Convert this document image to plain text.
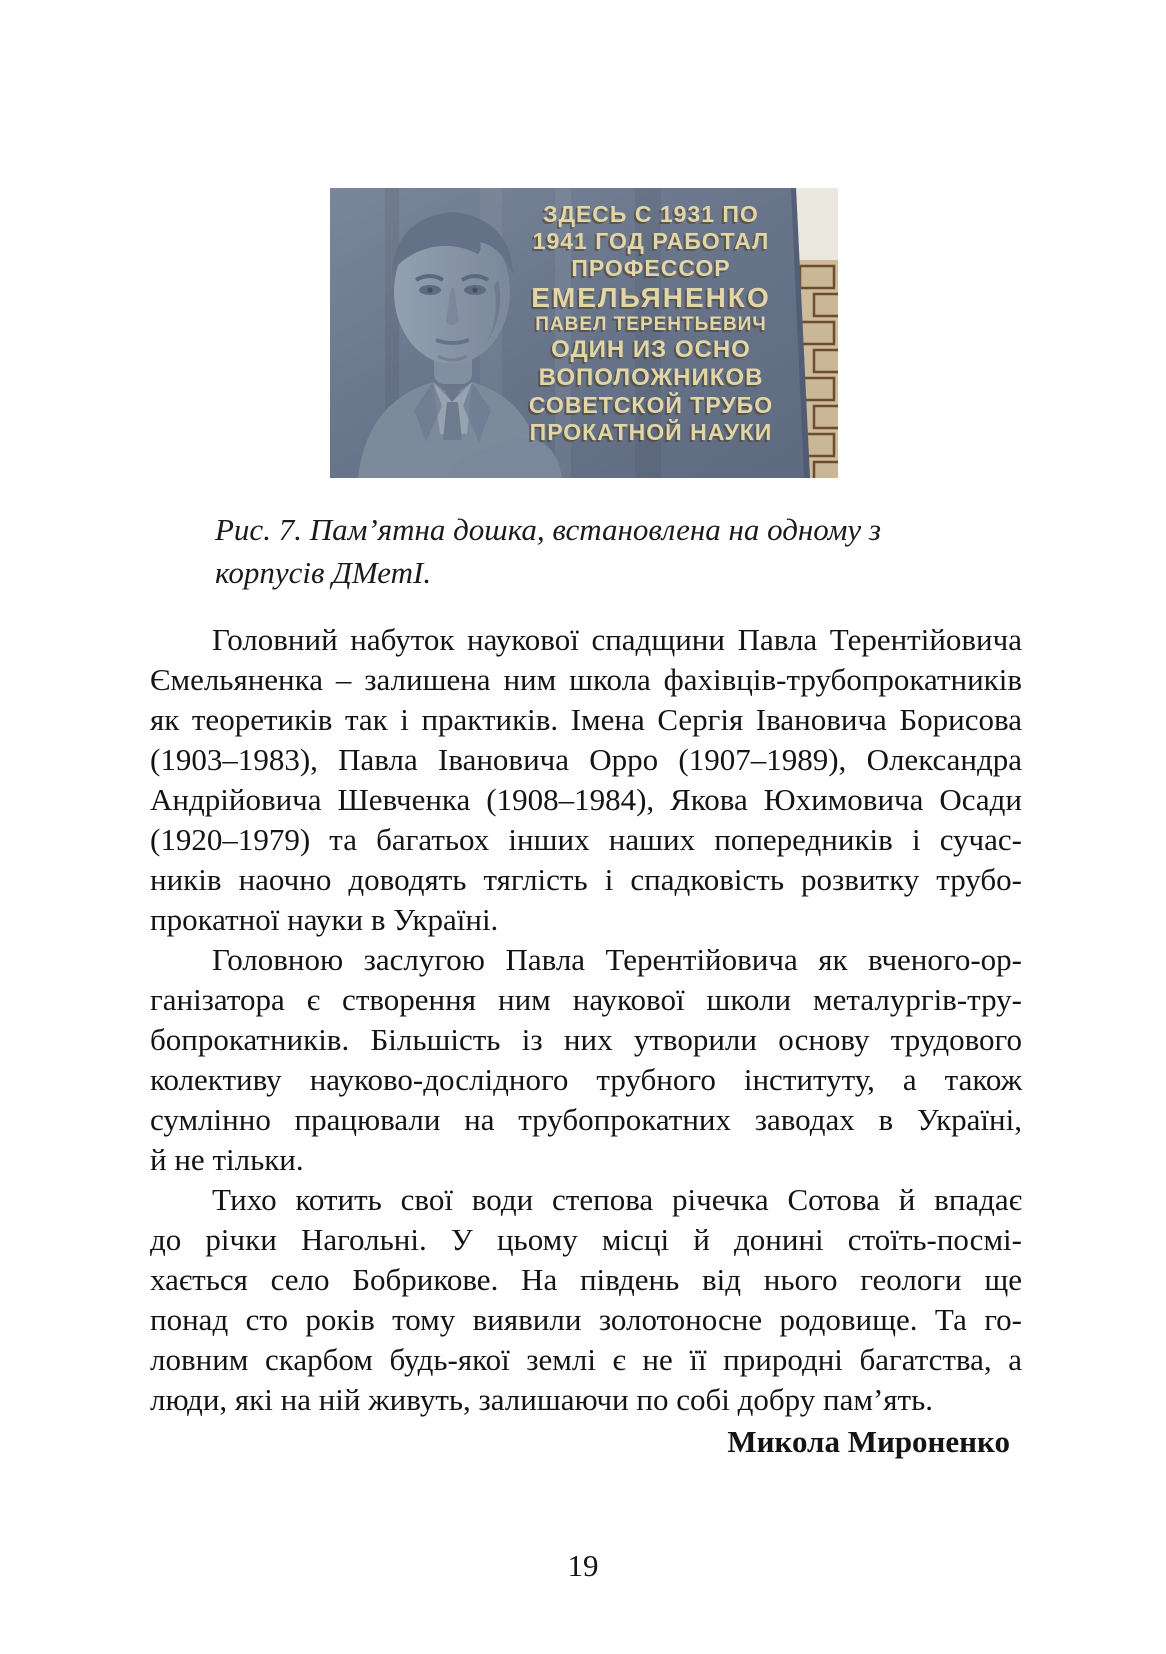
ЗДЕСЬ С 1931 ПО
1941 ГОД РАБОТАЛ
ПРОФЕССОР
ЕМЕЛЬЯНЕНКО
ПАВЕЛ ТЕРЕНТЬЕВИЧ
ОДИН ИЗ ОСНО
ВОПОЛОЖНИКОВ
СОВЕТСКОЙ ТРУБО
ПРОКАТНОЙ НАУКИ
Рис. 7. Пам’ятна дошка, встановлена на одному з
корпусів ДМетІ.
Головний набуток наукової спадщини Павла Терентійовича
Ємельяненка – залишена ним школа фахівців-трубопрокатників
як теоретиків так і практиків. Імена Сергія Івановича Борисова
(1903–1983), Павла Івановича Орро (1907–1989), Олександра
Андрійовича Шевченка (1908–1984), Якова Юхимовича Осади
(1920–1979) та багатьох інших наших попередників і сучас-
ників наочно доводять тяглість і спадковість розвитку трубо-
прокатної науки в Україні.
Головною заслугою Павла Терентійовича як вченого-ор-
ганізатора є створення ним наукової школи металургів-тру-
бопрокатників. Більшість із них утворили основу трудового
колективу науково-дослідного трубного інституту, а також
сумлінно працювали на трубопрокатних заводах в Україні,
й не тільки.
Тихо котить свої води степова річечка Сотова й впадає
до річки Нагольні. У цьому місці й донині стоїть-посмі-
хається село Бобрикове. На південь від нього геологи ще
понад сто років тому виявили золотоносне родовище. Та го-
ловним скарбом будь-якої землі є не її природні багатства, а
люди, які на ній живуть, залишаючи по собі добру пам’ять.
Микола Мироненко
19
